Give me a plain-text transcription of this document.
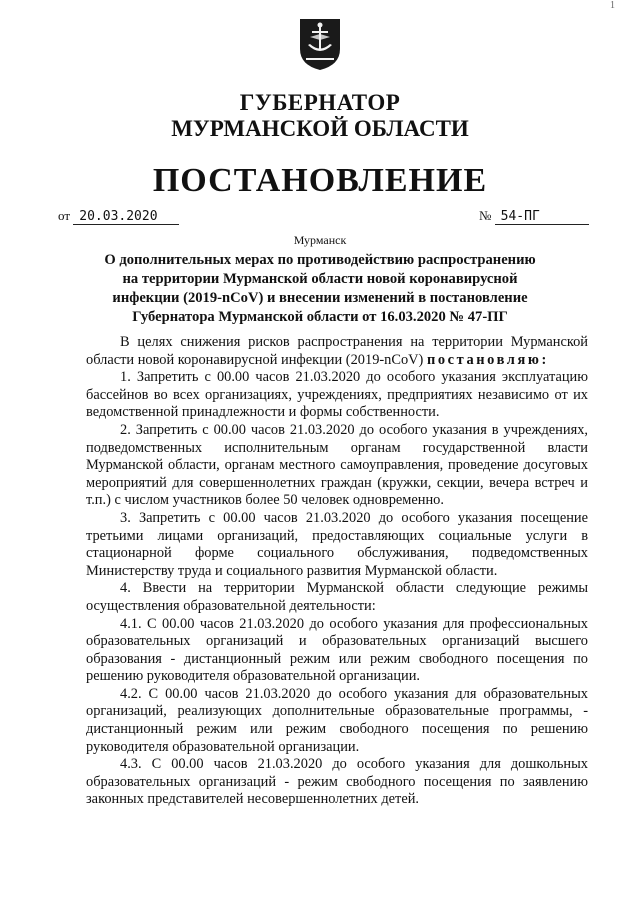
1
ГУБЕРНАТОР
МУРМАНСКОЙ ОБЛАСТИ
ПОСТАНОВЛЕНИЕ
от 20.03.2020	№ 54-ПГ
Мурманск
О дополнительных мерах по противодействию распространению на территории Мурманской области новой коронавирусной инфекции (2019-nCoV) и внесении изменений в постановление Губернатора Мурманской области от 16.03.2020 № 47-ПГ

В целях снижения рисков распространения на территории Мурманской области новой коронавирусной инфекции (2019-nCoV) постановляю:

1. Запретить с 00.00 часов 21.03.2020 до особого указания эксплуатацию бассейнов во всех организациях, учреждениях, предприятиях независимо от их ведомственной принадлежности и формы собственности.

2. Запретить с 00.00 часов 21.03.2020 до особого указания в учреждениях, подведомственных исполнительным органам государственной власти Мурманской области, органам местного самоуправления, проведение досуговых мероприятий для совершеннолетних граждан (кружки, секции, вечера встреч и т.п.) с числом участников более 50 человек одновременно.

3. Запретить с 00.00 часов 21.03.2020 до особого указания посещение третьими лицами организаций, предоставляющих социальные услуги в стационарной форме социального обслуживания, подведомственных Министерству труда и социального развития Мурманской области.

4. Ввести на территории Мурманской области следующие режимы осуществления образовательной деятельности:

4.1. С 00.00 часов 21.03.2020 до особого указания для профессиональных образовательных организаций и образовательных организаций высшего образования - дистанционный режим или режим свободного посещения по решению руководителя образовательной организации.

4.2. С 00.00 часов 21.03.2020 до особого указания для образовательных организаций, реализующих дополнительные образовательные программы, - дистанционный режим или режим свободного посещения по решению руководителя образовательной организации.

4.3. С 00.00 часов 21.03.2020 до особого указания для дошкольных образовательных организаций - режим свободного посещения по заявлению законных представителей несовершеннолетних детей.
